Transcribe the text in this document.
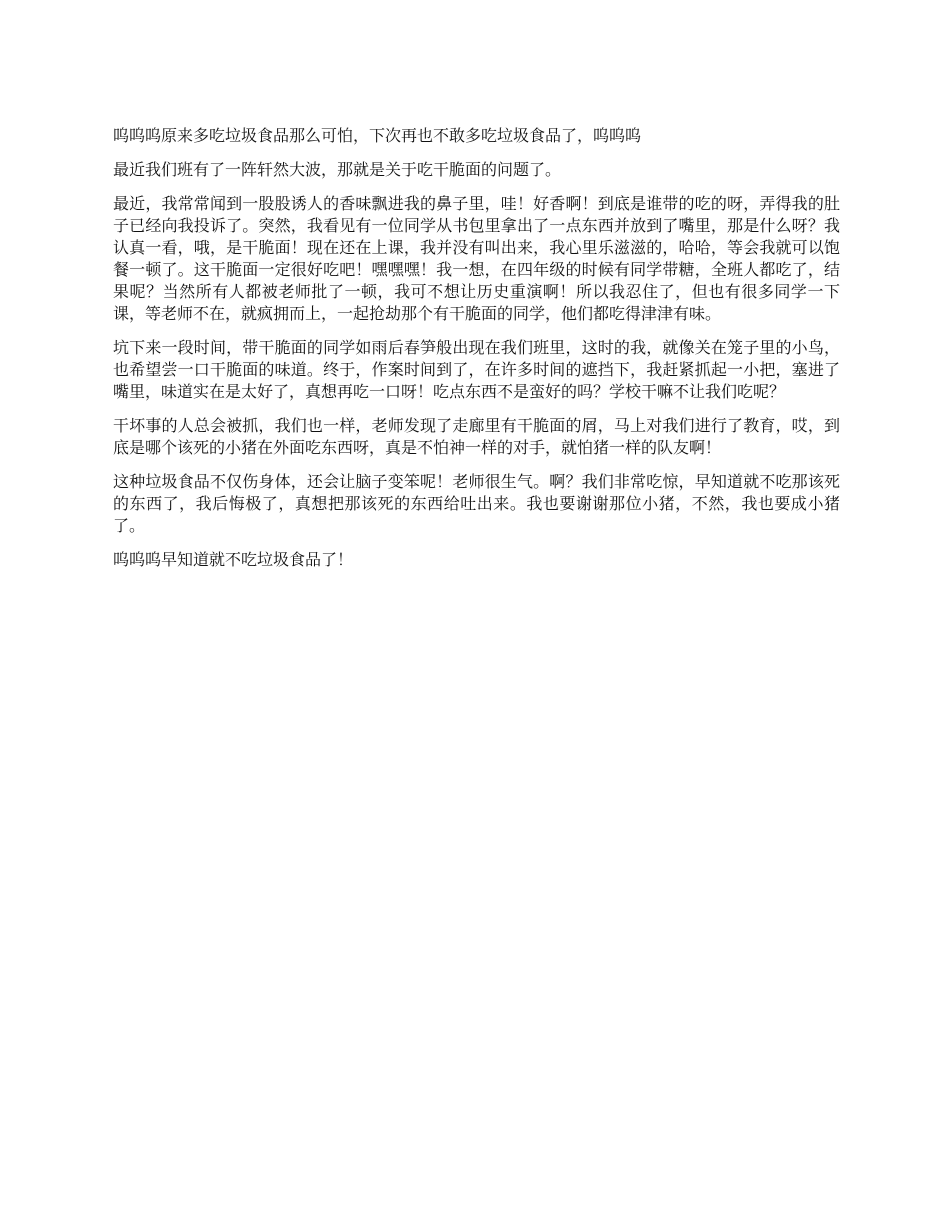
呜呜呜原来多吃垃圾食品那么可怕，下次再也不敢多吃垃圾食品了，呜呜呜

最近我们班有了一阵轩然大波，那就是关于吃干脆面的问题了。

最近，我常常闻到一股股诱人的香味飘进我的鼻子里，哇！好香啊！到底是谁带的吃的呀，弄得我的肚子已经向我投诉了。突然，我看见有一位同学从书包里拿出了一点东西并放到了嘴里，那是什么呀？我认真一看，哦，是干脆面！现在还在上课，我并没有叫出来，我心里乐滋滋的，哈哈，等会我就可以饱餐一顿了。这干脆面一定很好吃吧！嘿嘿嘿！我一想，在四年级的时候有同学带糖，全班人都吃了，结果呢？当然所有人都被老师批了一顿，我可不想让历史重演啊！所以我忍住了，但也有很多同学一下课，等老师不在，就疯拥而上，一起抢劫那个有干脆面的同学，他们都吃得津津有味。

坑下来一段时间，带干脆面的同学如雨后春笋般出现在我们班里，这时的我，就像关在笼子里的小鸟，也希望尝一口干脆面的味道。终于，作案时间到了，在许多时间的遮挡下，我赶紧抓起一小把，塞进了嘴里，味道实在是太好了，真想再吃一口呀！吃点东西不是蛮好的吗？学校干嘛不让我们吃呢？

干坏事的人总会被抓，我们也一样，老师发现了走廊里有干脆面的屑，马上对我们进行了教育，哎，到底是哪个该死的小猪在外面吃东西呀，真是不怕神一样的对手，就怕猪一样的队友啊！

这种垃圾食品不仅伤身体，还会让脑子变笨呢！老师很生气。啊？我们非常吃惊，早知道就不吃那该死的东西了，我后悔极了，真想把那该死的东西给吐出来。我也要谢谢那位小猪，不然，我也要成小猪了。

呜呜呜早知道就不吃垃圾食品了！
